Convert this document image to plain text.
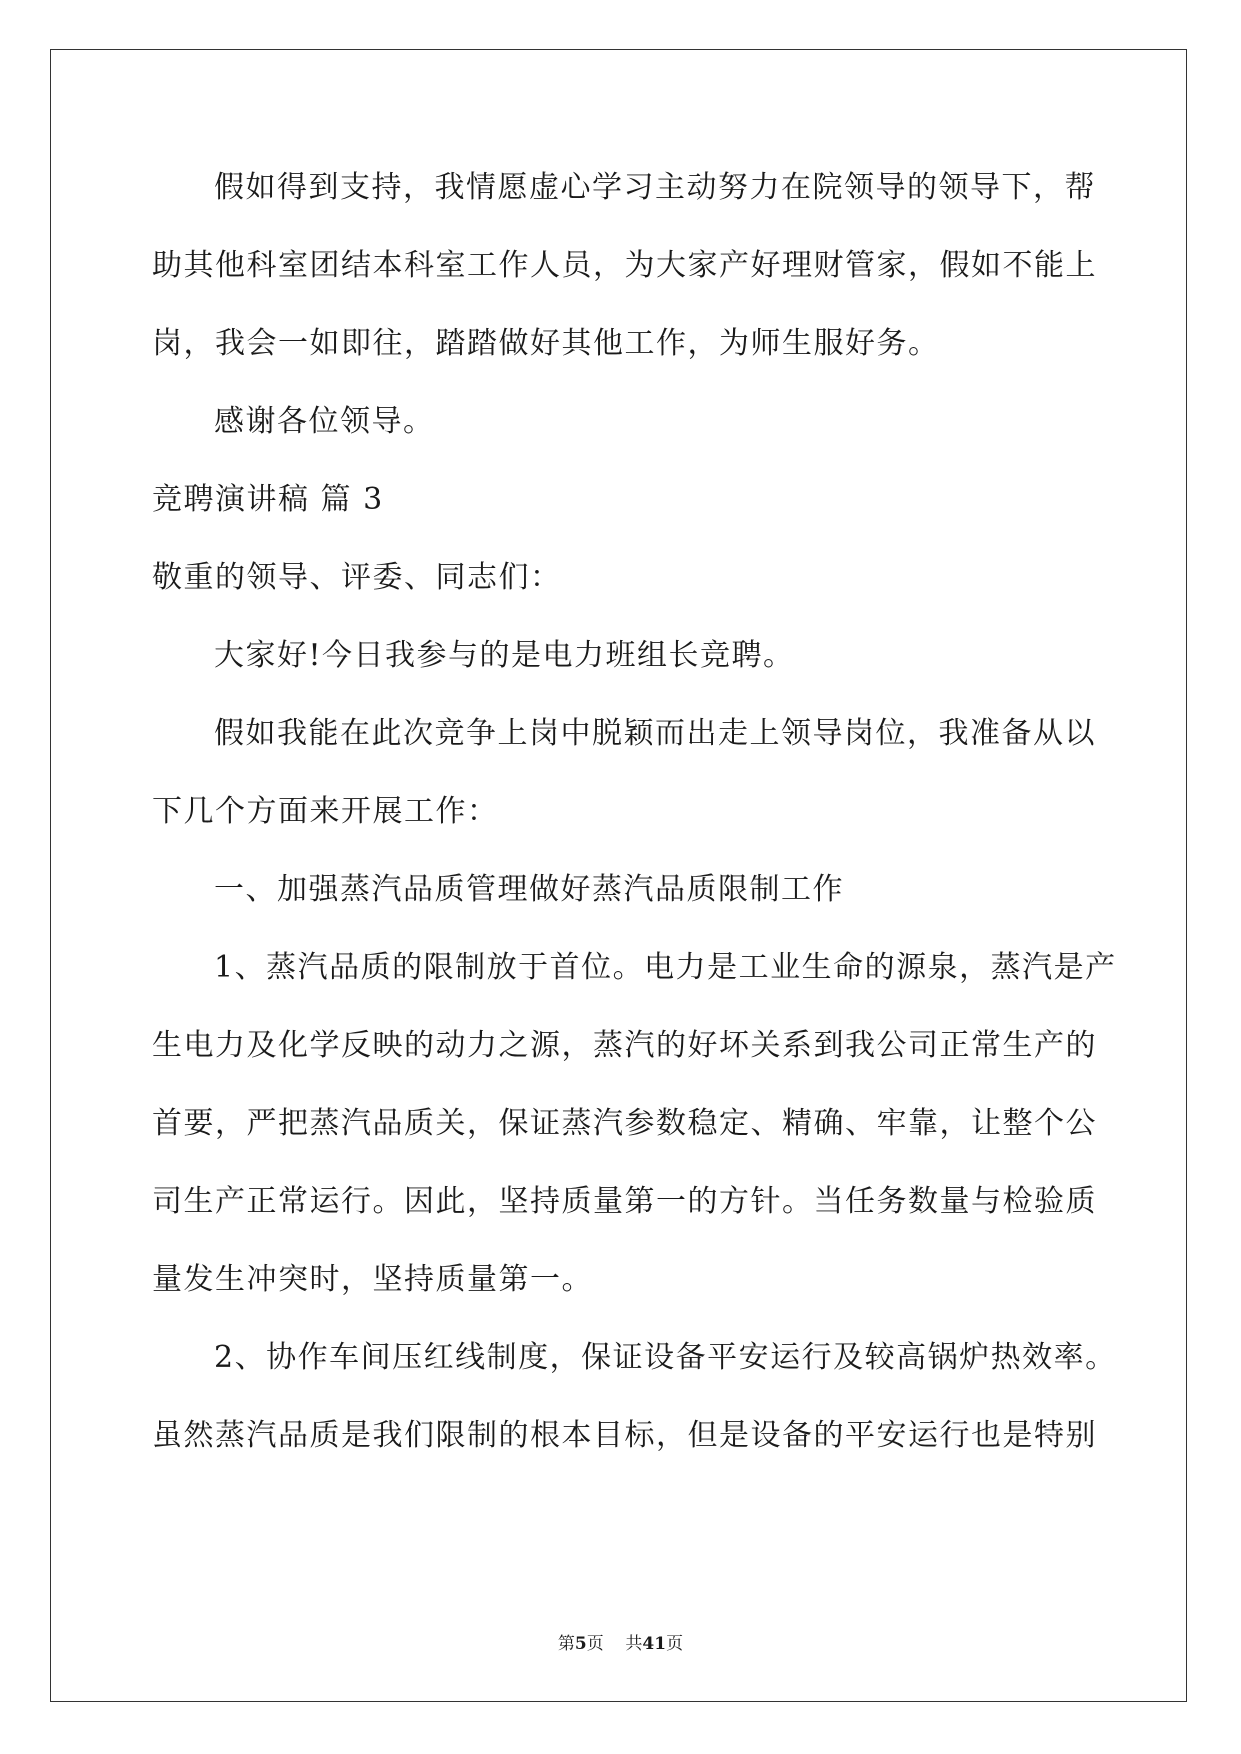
假如得到支持，我情愿虚心学习主动努力在院领导的领导下，帮
助其他科室团结本科室工作人员，为大家产好理财管家，假如不能上
岗，我会一如即往，踏踏做好其他工作，为师生服好务。
感谢各位领导。
竞聘演讲稿 篇 3
敬重的领导、评委、同志们：
大家好!今日我参与的是电力班组长竞聘。
假如我能在此次竞争上岗中脱颖而出走上领导岗位，我准备从以
下几个方面来开展工作：
一、加强蒸汽品质管理做好蒸汽品质限制工作
1、蒸汽品质的限制放于首位。电力是工业生命的源泉，蒸汽是产
生电力及化学反映的动力之源，蒸汽的好坏关系到我公司正常生产的
首要，严把蒸汽品质关，保证蒸汽参数稳定、精确、牢靠，让整个公
司生产正常运行。因此，坚持质量第一的方针。当任务数量与检验质
量发生冲突时，坚持质量第一。
2、协作车间压红线制度，保证设备平安运行及较高锅炉热效率。
虽然蒸汽品质是我们限制的根本目标，但是设备的平安运行也是特别
第5页    共41页
